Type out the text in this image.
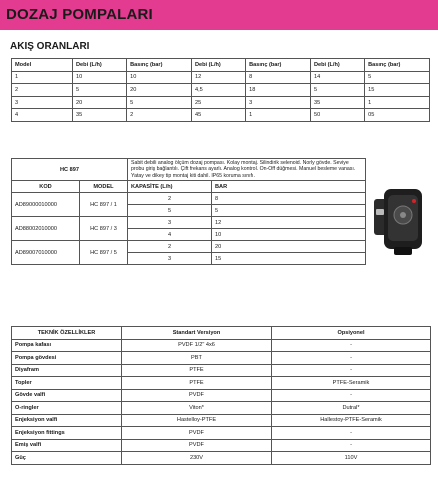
DOZAJ POMPALARI
AKIŞ ORANLARI
Model	Debi (L/h)	Basınç (bar)	Debi (L/h)	Basınç (bar)	Debi (L/h)	Basınç (bar)
1	10	10	12	8	14	5
2	5	20	4,5	18	5	15
3	20	5	25	3	35	1
4	35	2	45	1	50	05
HC 897		Sabit debili analog ölçüm dozaj pompası. Kolay montaj. Silindirik selenoid. Norly gövde. Seviye probu giriş bağlantılı. Çift frekans ayarlı. Analog kontrol. On-Off düğmesi. Manuel besleme vanası. Yatay ve dikey tip montaj kiti dahil. IP65 koruma sınıfı.	
KOD	MODEL	KAPASİTE (L/h)	BAR
AD89000010000	HC 897 / 1	2	8
		5	5
AD88002010000	HC 897 / 3	3	12
		4	10
AD89007010000	HC 897 / 5	2	20
		3	15
TEKNİK ÖZELLİKLER	Standart Versiyon	Opsiyonel
Pompa kafası	PVDF 1/2" 4x6	-
Pompa gövdesi	PBT	-
Diyafram	PTFE	-
Topler	PTFE	PTFE-Seramik
Gövde valfi	PVDF	-
O-ringler	Viton*	Dutral*
Enjeksiyon valfi	Hastelloy-PTFE	Hallestoy-PTFE-Seramik
Enjeksiyon fittings	PVDF	-
Emiş valfi	PVDF	-
Güç	230V	110V
